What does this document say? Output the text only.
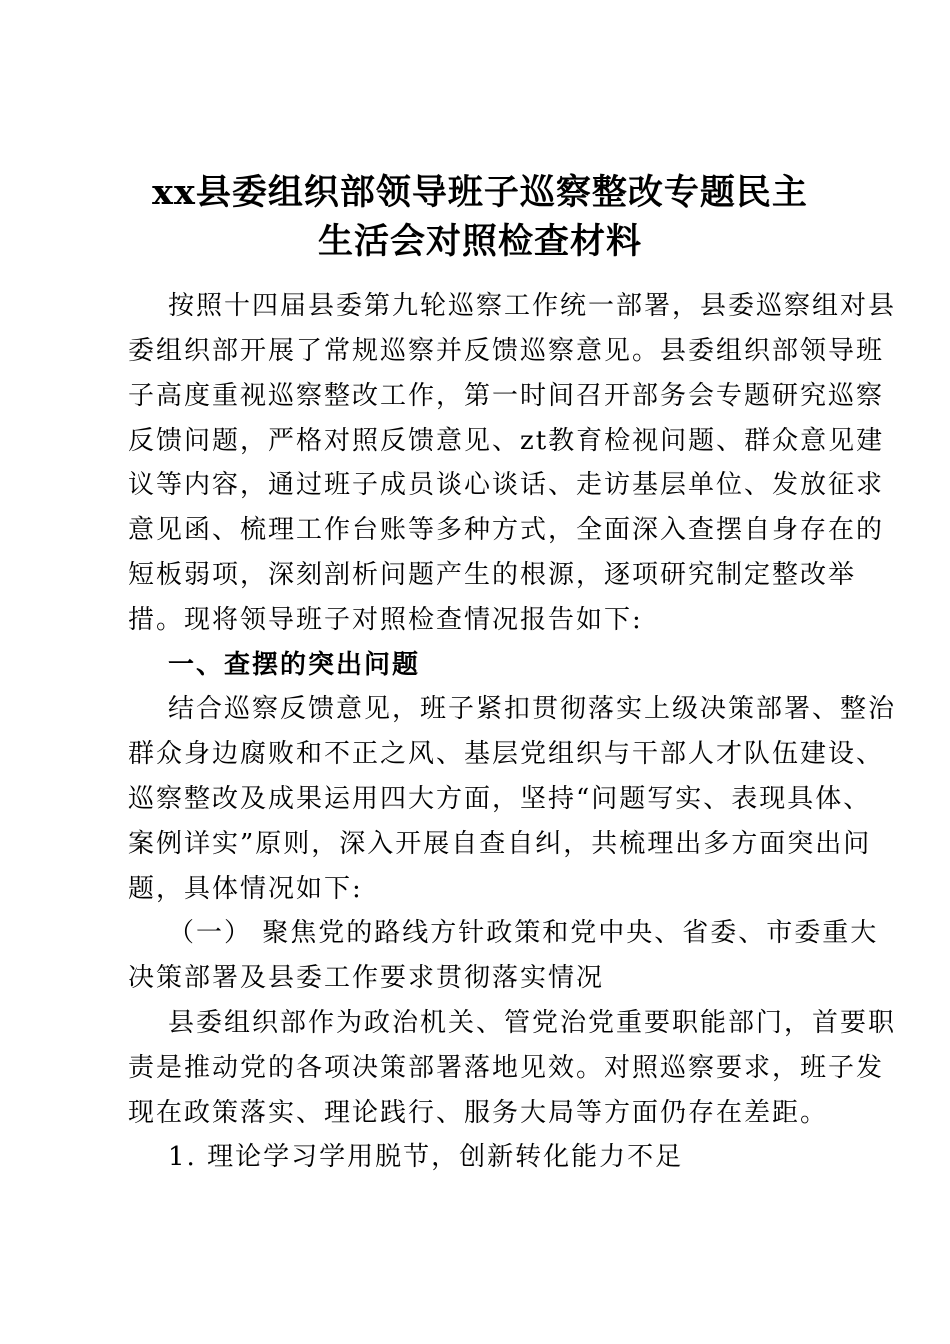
xx县委组织部领导班子巡察整改专题民主
生活会对照检查材料
按照十四届县委第九轮巡察工作统一部署，县委巡察组对县
委组织部开展了常规巡察并反馈巡察意见。县委组织部领导班
子高度重视巡察整改工作，第一时间召开部务会专题研究巡察
反馈问题，严格对照反馈意见、zt教育检视问题、群众意见建
议等内容，通过班子成员谈心谈话、走访基层单位、发放征求
意见函、梳理工作台账等多种方式，全面深入查摆自身存在的
短板弱项，深刻剖析问题产生的根源，逐项研究制定整改举
措。现将领导班子对照检查情况报告如下:
一、查摆的突出问题
结合巡察反馈意见，班子紧扣贯彻落实上级决策部署、整治
群众身边腐败和不正之风、基层党组织与干部人才队伍建设、
巡察整改及成果运用四大方面，坚持“问题写实、表现具体、
案例详实”原则，深入开展自查自纠，共梳理出多方面突出问
题，具体情况如下:
（一） 聚焦党的路线方针政策和党中央、省委、市委重大
决策部署及县委工作要求贯彻落实情况
县委组织部作为政治机关、管党治党重要职能部门，首要职
责是推动党的各项决策部署落地见效。对照巡察要求，班子发
现在政策落实、理论践行、服务大局等方面仍存在差距。
1. 理论学习学用脱节，创新转化能力不足
